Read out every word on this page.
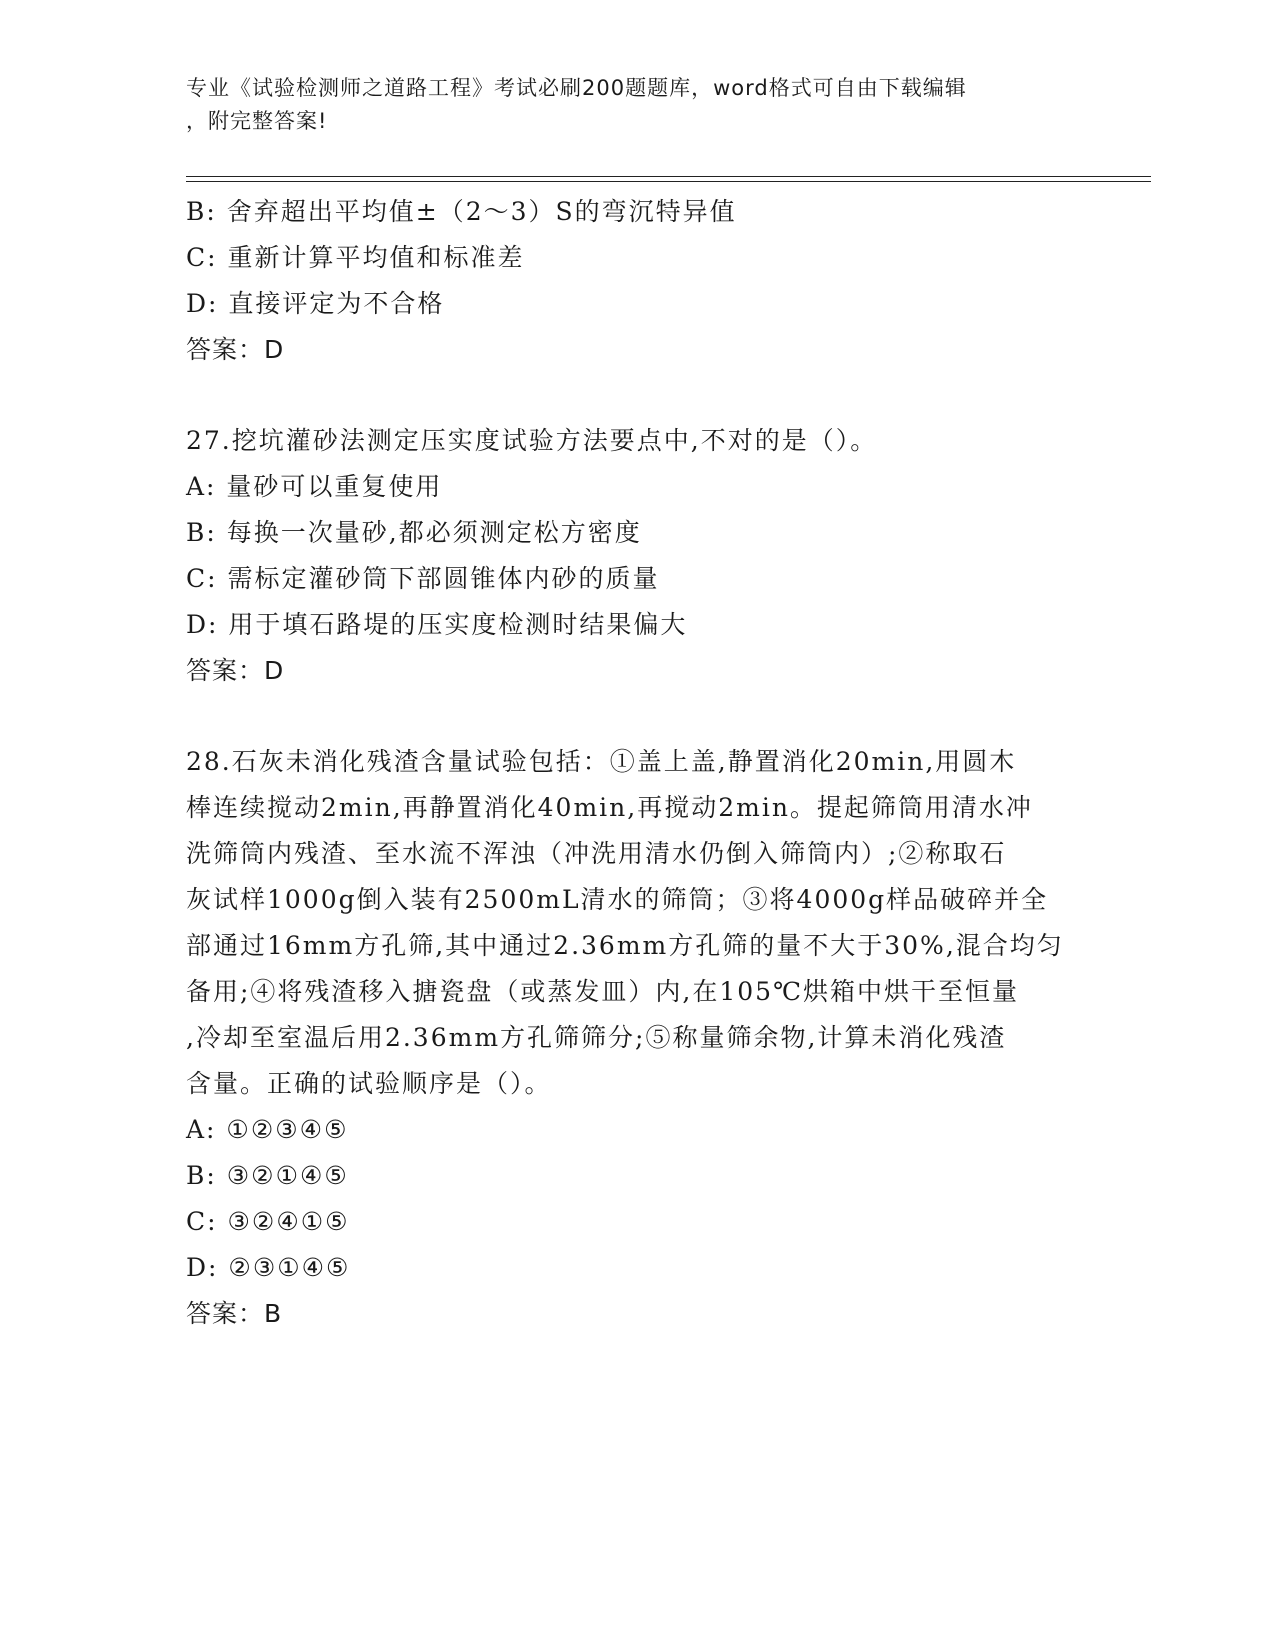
专业《试验检测师之道路工程》考试必刷200题题库，word格式可自由下载编辑
，附完整答案!
B: 舍弃超出平均值±（2～3）S的弯沉特异值
C: 重新计算平均值和标准差
D: 直接评定为不合格
答案：D
27.挖坑灌砂法测定压实度试验方法要点中,不对的是（）。
A: 量砂可以重复使用
B: 每换一次量砂,都必须测定松方密度
C: 需标定灌砂筒下部圆锥体内砂的质量
D: 用于填石路堤的压实度检测时结果偏大
答案：D
28.石灰未消化残渣含量试验包括：①盖上盖,静置消化20min,用圆木
棒连续搅动2min,再静置消化40min,再搅动2min。提起筛筒用清水冲
洗筛筒内残渣、至水流不浑浊（冲洗用清水仍倒入筛筒内）;②称取石
灰试样1000g倒入装有2500mL清水的筛筒；③将4000g样品破碎并全
部通过16mm方孔筛,其中通过2.36mm方孔筛的量不大于30%,混合均匀
备用;④将残渣移入搪瓷盘（或蒸发皿）内,在105℃烘箱中烘干至恒量
,冷却至室温后用2.36mm方孔筛筛分;⑤称量筛余物,计算未消化残渣
含量。正确的试验顺序是（）。
A: ①②③④⑤
B: ③②①④⑤
C: ③②④①⑤
D: ②③①④⑤
答案：B
